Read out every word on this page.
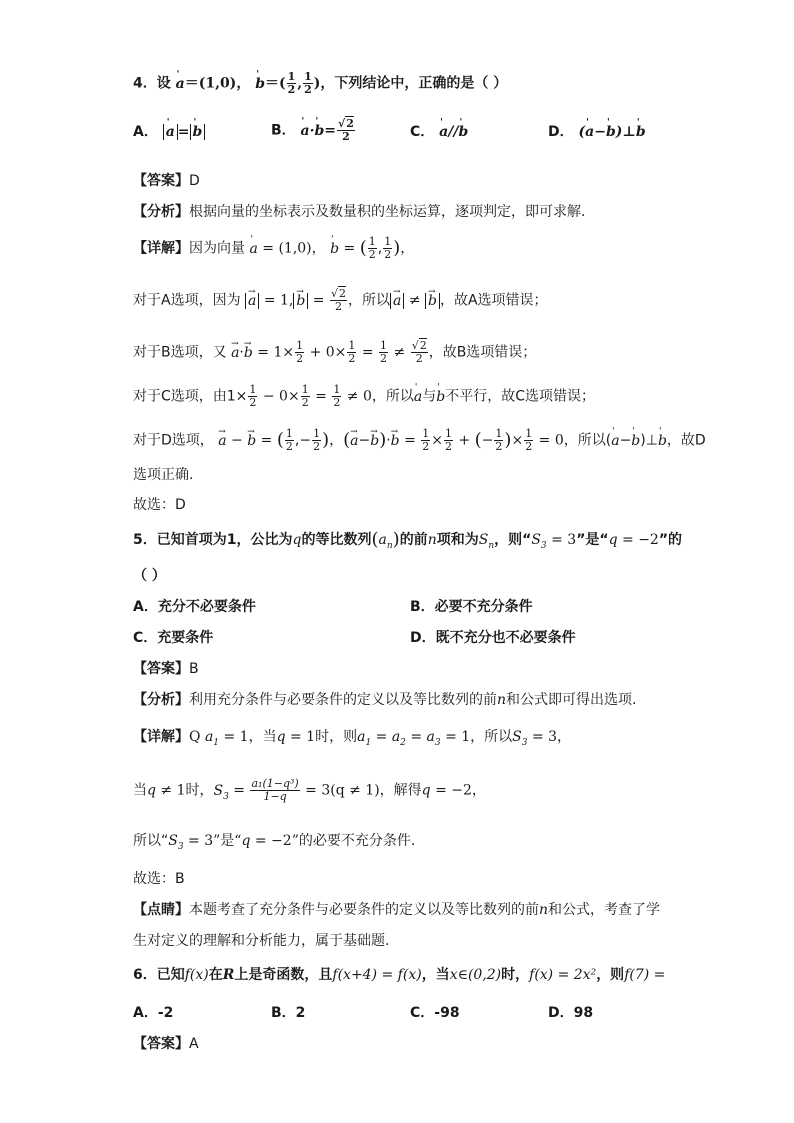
4．设 ' a＝(1,0)， ' $b=( \frac{1}{2}$ , $\frac{1}{2}$ )，下列结论中，正确的是（ ）
A． ' a =' b	B． ' a·' $b= \frac{√2}{2}$	C． ' a//' b	D． (' a−' b)⊥' b
【答案】D
【分析】根据向量的坐标表示及数量积的坐标运算，逐项判定，即可求解.
【详解】因为向量 ' a = (1,0)， ' b = ( $\frac{1}{2}$ , $\frac{1}{2}$ )，
对于A选项，因为 → $a = 1,\to b = \frac{√2}{2}$ ，所以→ a ≠ → b ，故A选项错误；
对于B选项，又 → $a\cdot\to b = 1\times \frac{1}{2} + 0\times \frac{1}{2} = \frac{1}{2} \ne \frac{√2}{2}$ ，故B选项错误；
对于C选项，由$1\times \frac{1}{2} - 0\times \frac{1}{2} = \frac{1}{2} \ne 0$，所以' a与' b不平行，故C选项错误；
对于D选项， → a − → b = ( $\frac{1}{2}$ ,− $\frac{1}{2}$ )，(→ $a-\to b)\cdot\to b = \frac{1}{2} \times \frac{1}{2}$ + (− $\frac{1}{2}$ )× $\frac{1}{2} = 0$，所以(' a−' b)⊥' b，故D
选项正确.
故选：D
5．已知首项为1，公比为q的等比数列$(a_n)$的前n项和为$S_n$，则“$S_3 = 3$”是“q = −2”的
（ ）
A．充分不必要条件	B．必要不充分条件
C．充要条件	D．既不充分也不必要条件
【答案】B
【分析】利用充分条件与必要条件的定义以及等比数列的前n和公式即可得出选项.
【详解】Q $a_1 = 1$，当q = 1时，则$a_1 = a_2 = a_3 = 1$，所以$S_3 = 3$，
当q ≠ 1时，$S_3 = \frac{\text{a₁(1−q³)}}{1-q} = 3(q \ne 1)$，解得q = −2，
所以“$S_3 = 3$”是“q = −2”的必要不充分条件.
故选：B
【点睛】本题考查了充分条件与必要条件的定义以及等比数列的前n和公式，考查了学
生对定义的理解和分析能力，属于基础题.
6．已知f(x)在R上是奇函数，且f(x+4) = f(x)，当x∈(0,2)时，f(x) = 2x²，则f(7) =
A．-2	B．2	C．-98	D．98
【答案】A
